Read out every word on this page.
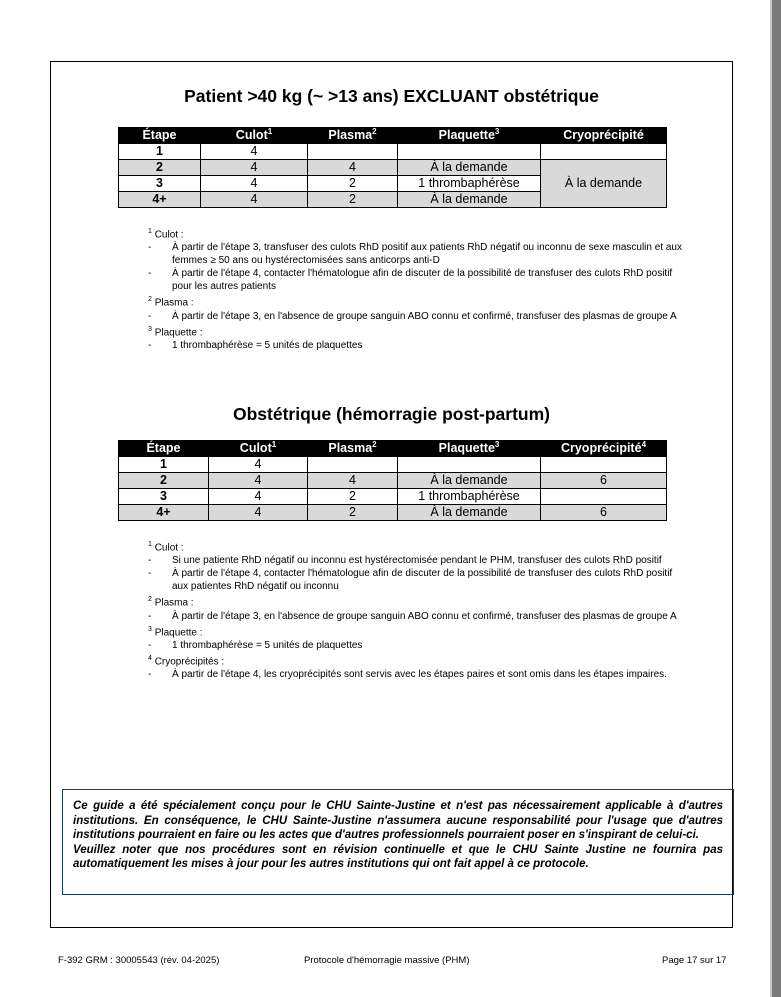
Patient >40 kg (~ >13 ans) EXCLUANT obstétrique
Étape	Culot$^1$	Plasma$^2$	Plaquette$^3$	Cryoprécipité
1	4			
2	4	4	À la demande	À la demande
3	4	2	1 thrombaphérèse	
4+	4	2	À la demande	

$^1$ Culot :

- À partir de l'étape 3, transfuser des culots RhD positif aux patients RhD négatif ou inconnu de sexe masculin et aux femmes ≥ 50 ans ou hystérectomisées sans anticorps anti-D

- À partir de l'étape 4, contacter l'hématologue afin de discuter de la possibilité de transfuser des culots RhD positif pour les autres patients

$^2$ Plasma :

- À partir de l'étape 3, en l'absence de groupe sanguin ABO connu et confirmé, transfuser des plasmas de groupe A

$^3$ Plaquette :

- 1 thrombaphérèse = 5 unités de plaquettes

Obstétrique (hémorragie post-partum)
Étape	Culot$^1$	Plasma$^2$	Plaquette$^3$	Cryoprécipité$^4$
1	4			
2	4	4	À la demande	6
3	4	2	1 thrombaphérèse	
4+	4	2	À la demande	6

$^1$ Culot :

- Si une patiente RhD négatif ou inconnu est hystérectomisée pendant le PHM, transfuser des culots RhD positif

- À partir de l'étape 4, contacter l'hématologue afin de discuter de la possibilité de transfuser des culots RhD positif aux patientes RhD négatif ou inconnu

$^2$ Plasma :

- À partir de l'étape 3, en l'absence de groupe sanguin ABO connu et confirmé, transfuser des plasmas de groupe A

$^3$ Plaquette :

- 1 thrombaphérèse = 5 unités de plaquettes

$^4$ Cryoprécipités :

- À partir de l'étape 4, les cryoprécipités sont servis avec les étapes paires et sont omis dans les étapes impaires.

Ce guide a été spécialement conçu pour le CHU Sainte-Justine et n'est pas nécessairement applicable à d'autres institutions. En conséquence, le CHU Sainte-Justine n'assumera aucune responsabilité pour l'usage que d'autres institutions pourraient en faire ou les actes que d'autres professionnels pourraient poser en s'inspirant de celui-ci.

Veuillez noter que nos procédures sont en révision continuelle et que le CHU Sainte Justine ne fournira pas automatiquement les mises à jour pour les autres institutions qui ont fait appel à ce protocole.

F-392 GRM : 30005543 (rév. 04-2025)	Protocole d'hémorragie massive (PHM)	Page 17 sur 17
